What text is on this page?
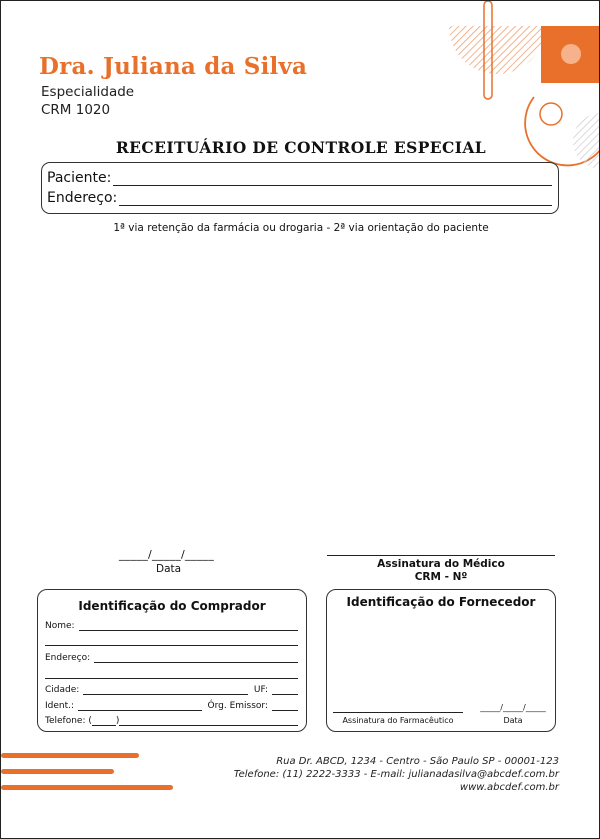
Dra. Juliana da Silva
Especialidade
CRM 1020
RECEITUÁRIO DE CONTROLE ESPECIAL
Paciente:
Endereço:
1ª via retenção da farmácia ou drogaria - 2ª via orientação do paciente
_____/_____/_____
Data	Assinatura do Médico
CRM - Nº
Identificação do Comprador
Nome:
Endereço:
Cidade:	UF:
Ident.:	Órg. Emissor:
Telefone: (	)
Identificação do Fornecedor
Assinatura do Farmacêutico
_____/_____/_____
Data
Rua Dr. ABCD, 1234 - Centro - São Paulo SP - 00001-123
Telefone: (11) 2222-3333 - E-mail: julianadasilva@abcdef.com.br
www.abcdef.com.br
